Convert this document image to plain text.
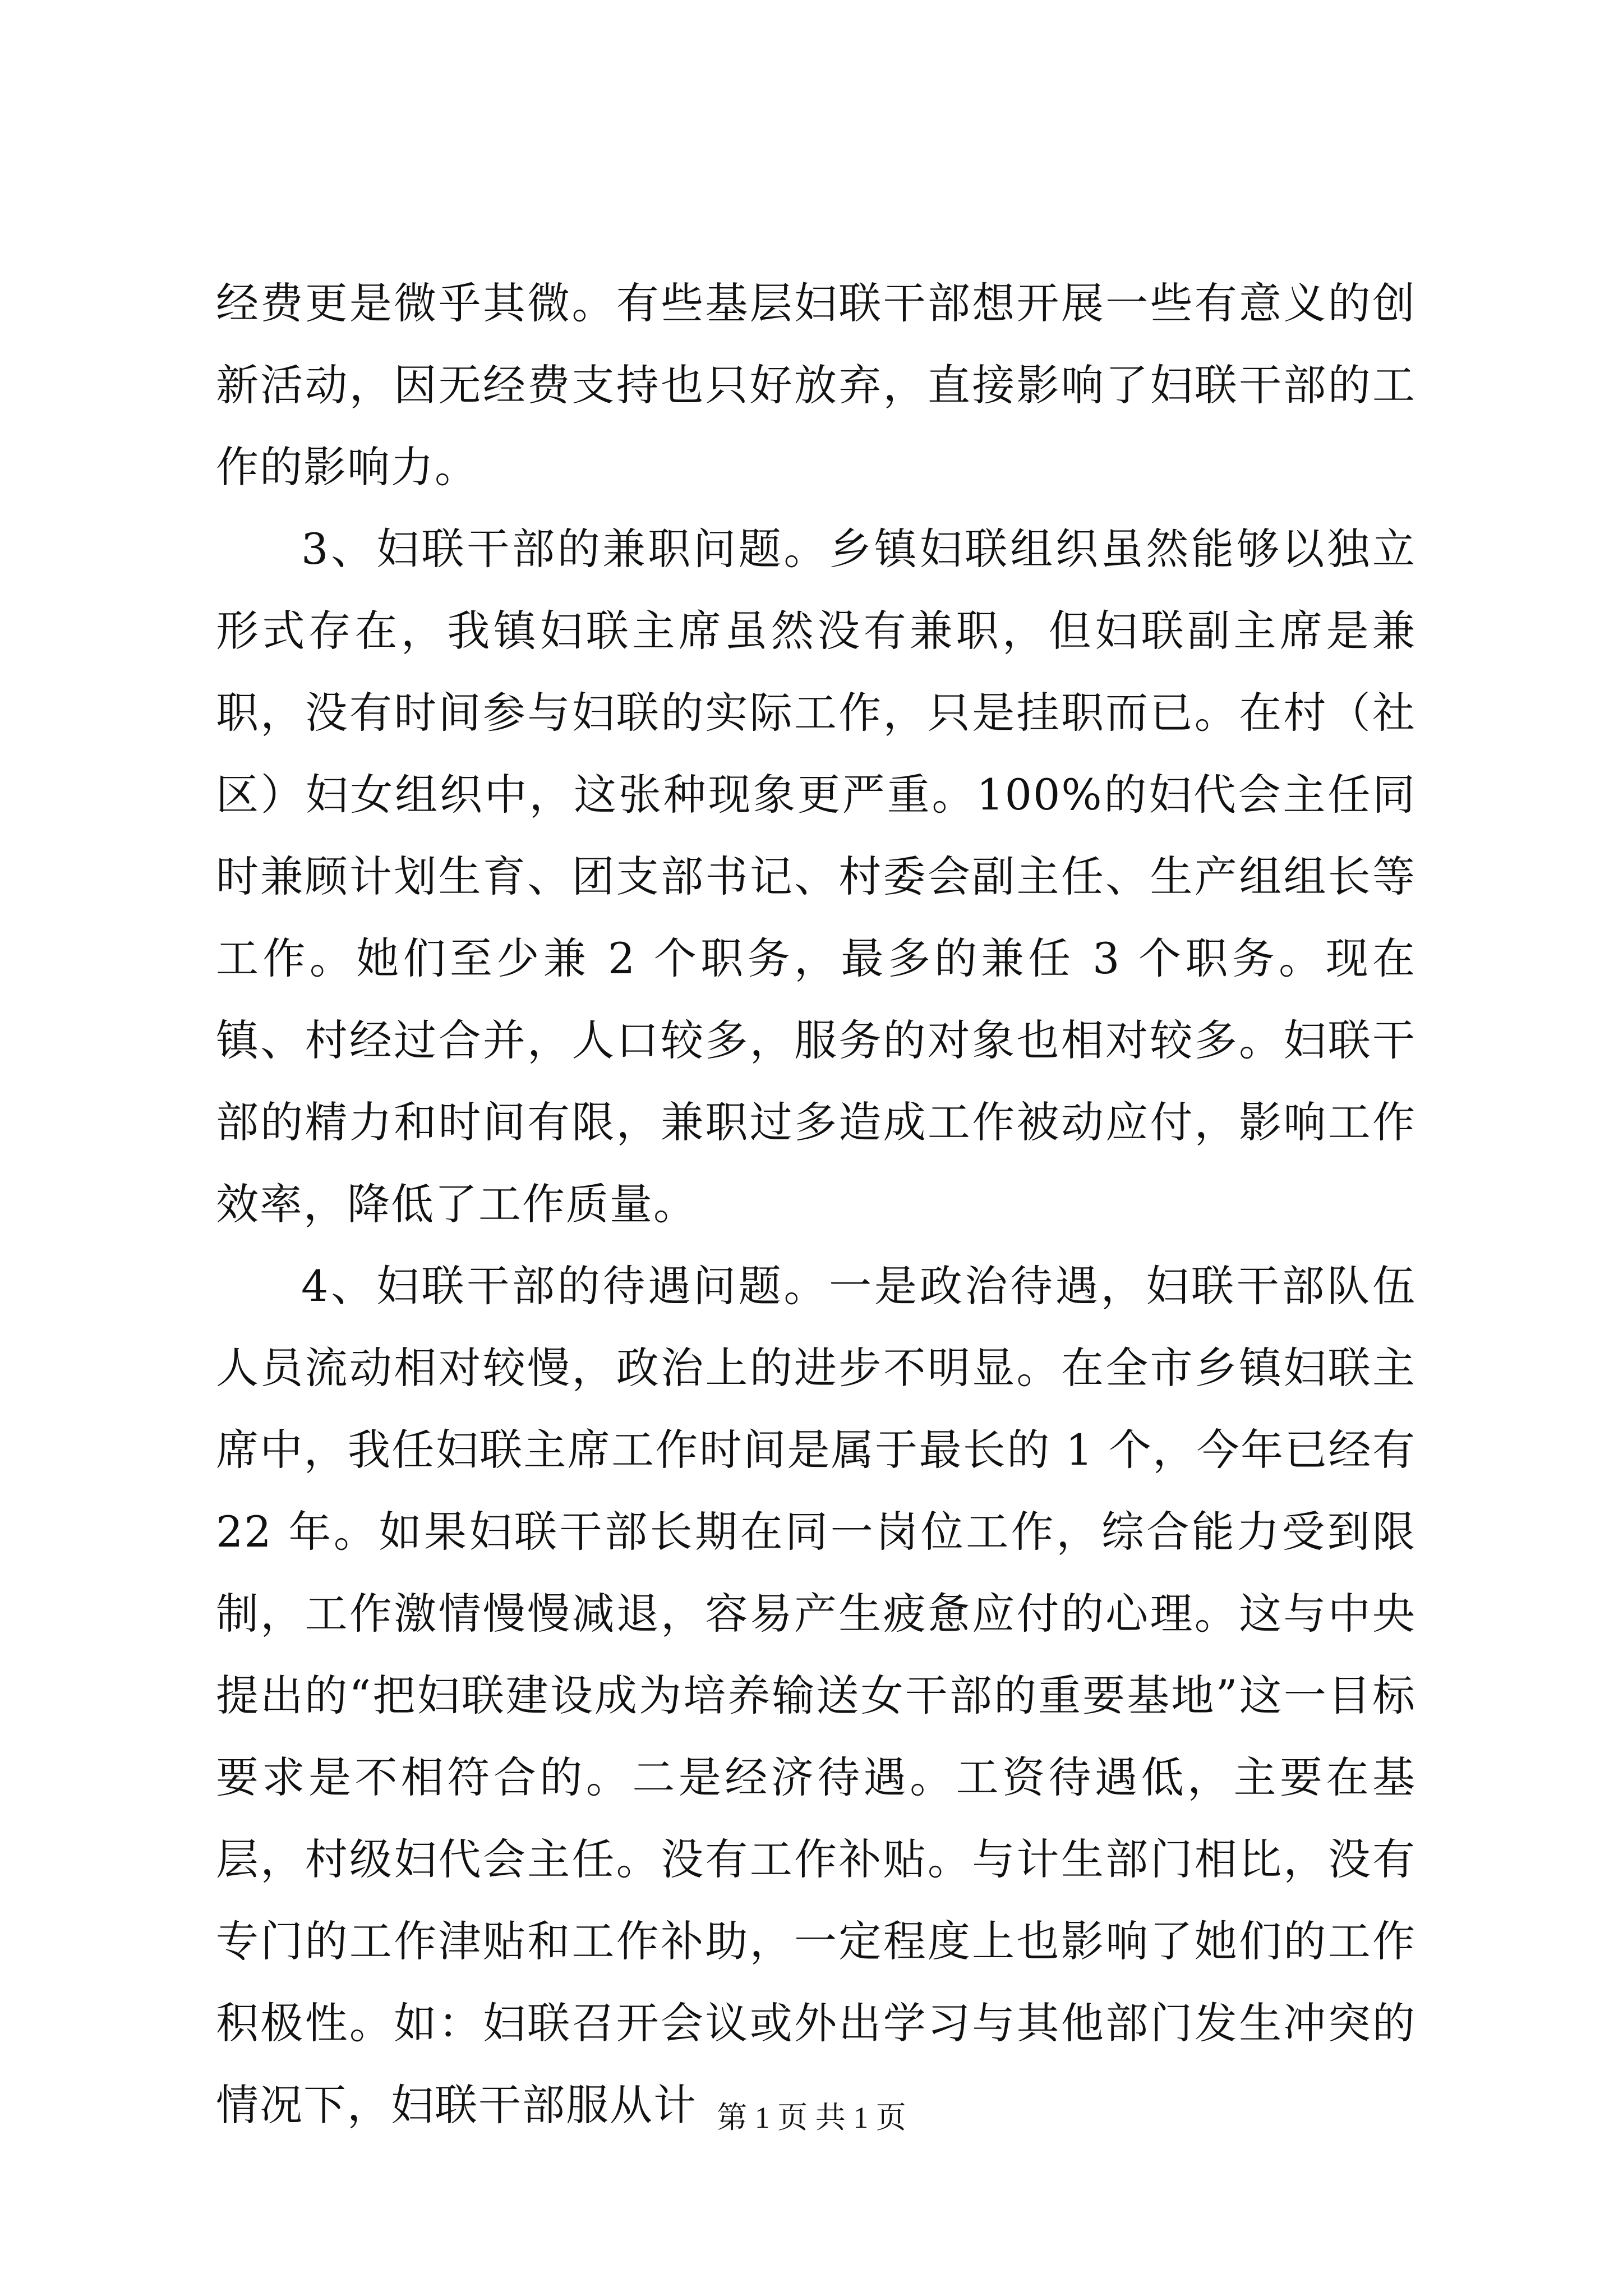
经费更是微乎其微。有些基层妇联干部想开展一些有意义的创新活动，因无经费支持也只好放弃，直接影响了妇联干部的工作的影响力。

3、妇联干部的兼职问题。乡镇妇联组织虽然能够以独立形式存在，我镇妇联主席虽然没有兼职，但妇联副主席是兼职，没有时间参与妇联的实际工作，只是挂职而已。在村（社区）妇女组织中，这张种现象更严重。100%的妇代会主任同时兼顾计划生育、团支部书记、村委会副主任、生产组组长等工作。她们至少兼 2 个职务，最多的兼任 3 个职务。现在镇、村经过合并，人口较多，服务的对象也相对较多。妇联干部的精力和时间有限，兼职过多造成工作被动应付，影响工作效率，降低了工作质量。

4、妇联干部的待遇问题。一是政治待遇，妇联干部队伍人员流动相对较慢，政治上的进步不明显。在全市乡镇妇联主席中，我任妇联主席工作时间是属于最长的 1 个，今年已经有 22 年。如果妇联干部长期在同一岗位工作，综合能力受到限制，工作激情慢慢减退，容易产生疲惫应付的心理。这与中央提出的“把妇联建设成为培养输送女干部的重要基地”这一目标要求是不相符合的。二是经济待遇。工资待遇低，主要在基层，村级妇代会主任。没有工作补贴。与计生部门相比，没有专门的工作津贴和工作补助，一定程度上也影响了她们的工作积极性。如：妇联召开会议或外出学习与其他部门发生冲突的情况下，妇联干部服从计 第 1 页 共 1 页
